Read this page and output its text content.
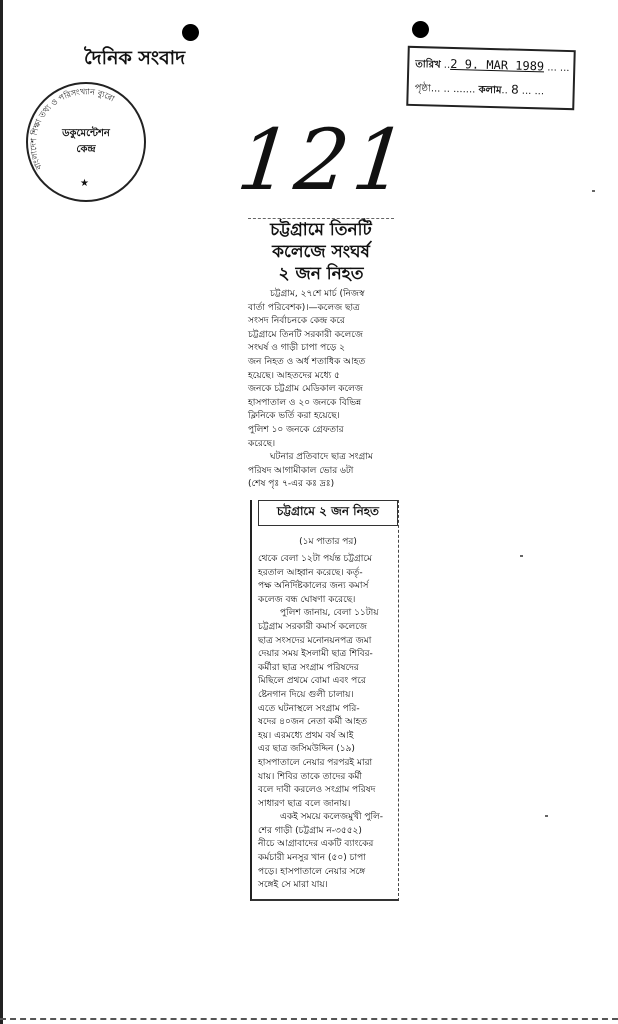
দৈনিক সংবাদ
বাংলাদেশ শিক্ষা তথ্য ও পরিসংখ্যান ব্যুরো
ডকুমেন্টেশন
কেন্দ্র
★
তারিখ ..2 9. MAR 1989 ... ...
পৃষ্ঠা... .. ....... কলাম.. 8 ... ...
121
চট্টগ্রামে তিনটি
কলেজে সংঘর্ষ
২ জন নিহত
চট্টগ্রাম, ২৭শে মার্চ (নিজস্ব
বার্তা পরিবেশক)।—কলেজ ছাত্র
সংসদ নির্বাচনকে কেন্দ্র করে
চট্টগ্রামে তিনটি সরকারী কলেজে
সংঘর্ষ ও গাড়ী চাপা পড়ে ২
জন নিহত ও অর্ধ শতাধিক আহত
হয়েছে। আহতদের মধ্যে ৫
জনকে চট্টগ্রাম মেডিকাল কলেজ
হাসপাতাল ও ২০ জনকে বিভিন্ন
ক্লিনিকে ভর্তি করা হয়েছে।
পুলিশ ১০ জনকে গ্রেফতার
করেছে।
ঘটনার প্রতিবাদে ছাত্র সংগ্রাম
পরিষদ আগামীকাল ভোর ৬টা
(শেষ পৃঃ ৭-এর কঃ দ্রঃ)
চট্টগ্রামে ২ জন নিহত
(১ম পাতার পর)
থেকে বেলা ১২টা পর্যন্ত চট্টগ্রামে
হরতাল আহ্বান করেছে। কর্তৃ-
পক্ষ অনির্দিষ্টকালের জন্য কমার্স
কলেজ বন্ধ ঘোষণা করেছে।
পুলিশ জানায়, বেলা ১১টায়
চট্টগ্রাম সরকারী কমার্স কলেজে
ছাত্র সংসদের মনোনয়নপত্র জমা
দেয়ার সময় ইসলামী ছাত্র শিবির-
কর্মীরা ছাত্র সংগ্রাম পরিষদের
মিছিলে প্রথমে বোমা এবং পরে
ষ্টেনগান দিয়ে গুলী চালায়।
এতে ঘটনাস্থলে সংগ্রাম পরি-
ষদের ৪০জন নেতা কর্মী আহত
হয়। এরমধ্যে প্রথম বর্ষ আই
এর ছাত্র জসিমউদ্দিন (১৯)
হাসপাতালে নেয়ার পরপরই মারা
যায়। শিবির তাকে তাদের কর্মী
বলে দাবী করলেও সংগ্রাম পরিষদ
সাধারণ ছাত্র বলে জানায়।
একই সময়ে কলেজমুখী পুলি-
শের গাড়ী (চট্টগ্রাম ন-৩৫৫২)
নীচে আগ্রাবাদের একটি ব্যাংকের
কর্মচারী মনসুর খান (৫০) চাপা
পড়ে। হাসপাতালে নেয়ার সঙ্গে
সঙ্গেই সে মারা যায়।
